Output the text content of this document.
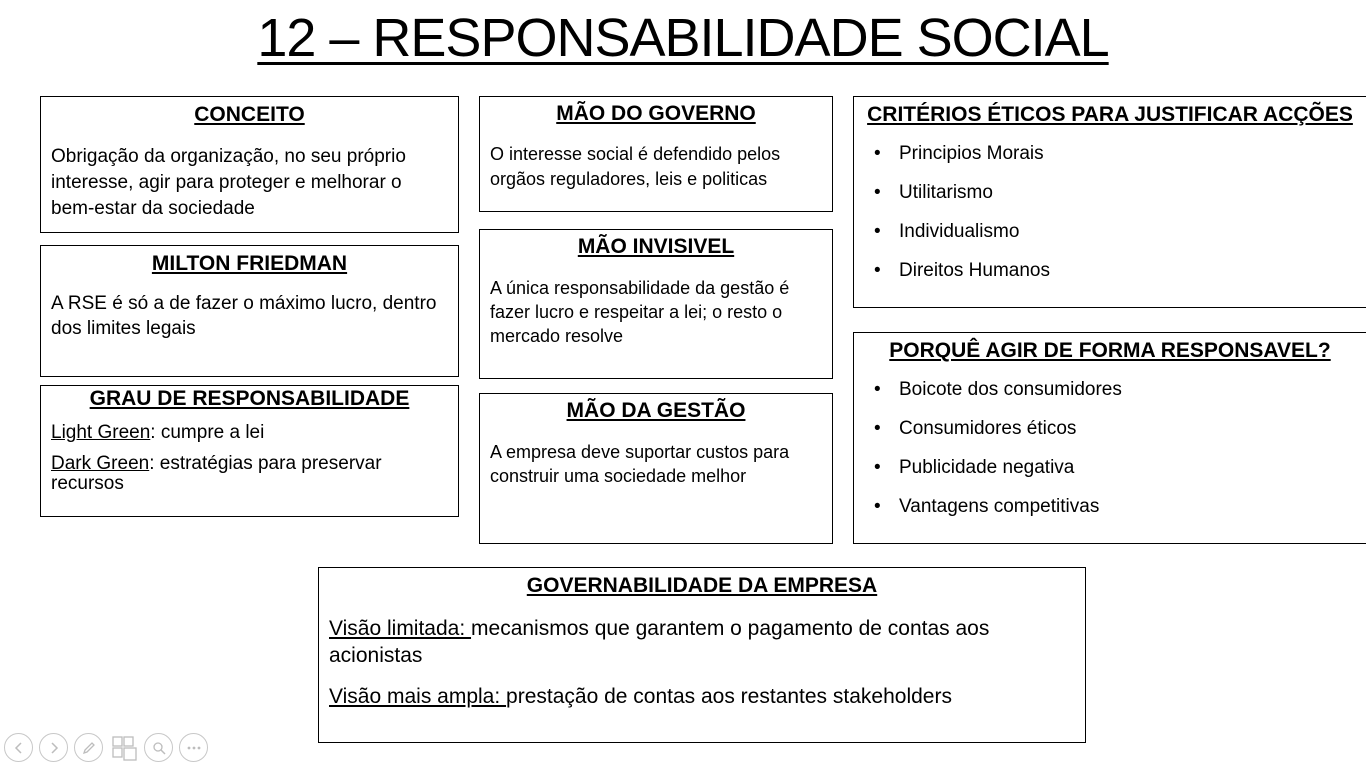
12 – RESPONSABILIDADE SOCIAL
CONCEITO

Obrigação da organização, no seu próprio interesse, agir para proteger e melhorar o bem-estar da sociedade

MILTON FRIEDMAN

A RSE é só a de fazer o máximo lucro, dentro dos limites legais

GRAU DE RESPONSABILIDADE

Light Green: cumpre a lei

Dark Green: estratégias para preservar recursos

MÃO DO GOVERNO

O interesse social é defendido pelos orgãos reguladores, leis e politicas

MÃO INVISIVEL

A única responsabilidade da gestão é fazer lucro e respeitar a lei; o resto o mercado resolve

MÃO DA GESTÃO

A empresa deve suportar custos para construir uma sociedade melhor

CRITÉRIOS ÉTICOS PARA JUSTIFICAR ACÇÕES
• Principios Morais
• Utilitarismo
• Individualismo
• Direitos Humanos
PORQUÊ AGIR DE FORMA RESPONSAVEL?
• Boicote dos consumidores
• Consumidores éticos
• Publicidade negativa
• Vantagens competitivas
GOVERNABILIDADE DA EMPRESA

Visão limitada: mecanismos que garantem o pagamento de contas aos acionistas

Visão mais ampla: prestação de contas aos restantes stakeholders
